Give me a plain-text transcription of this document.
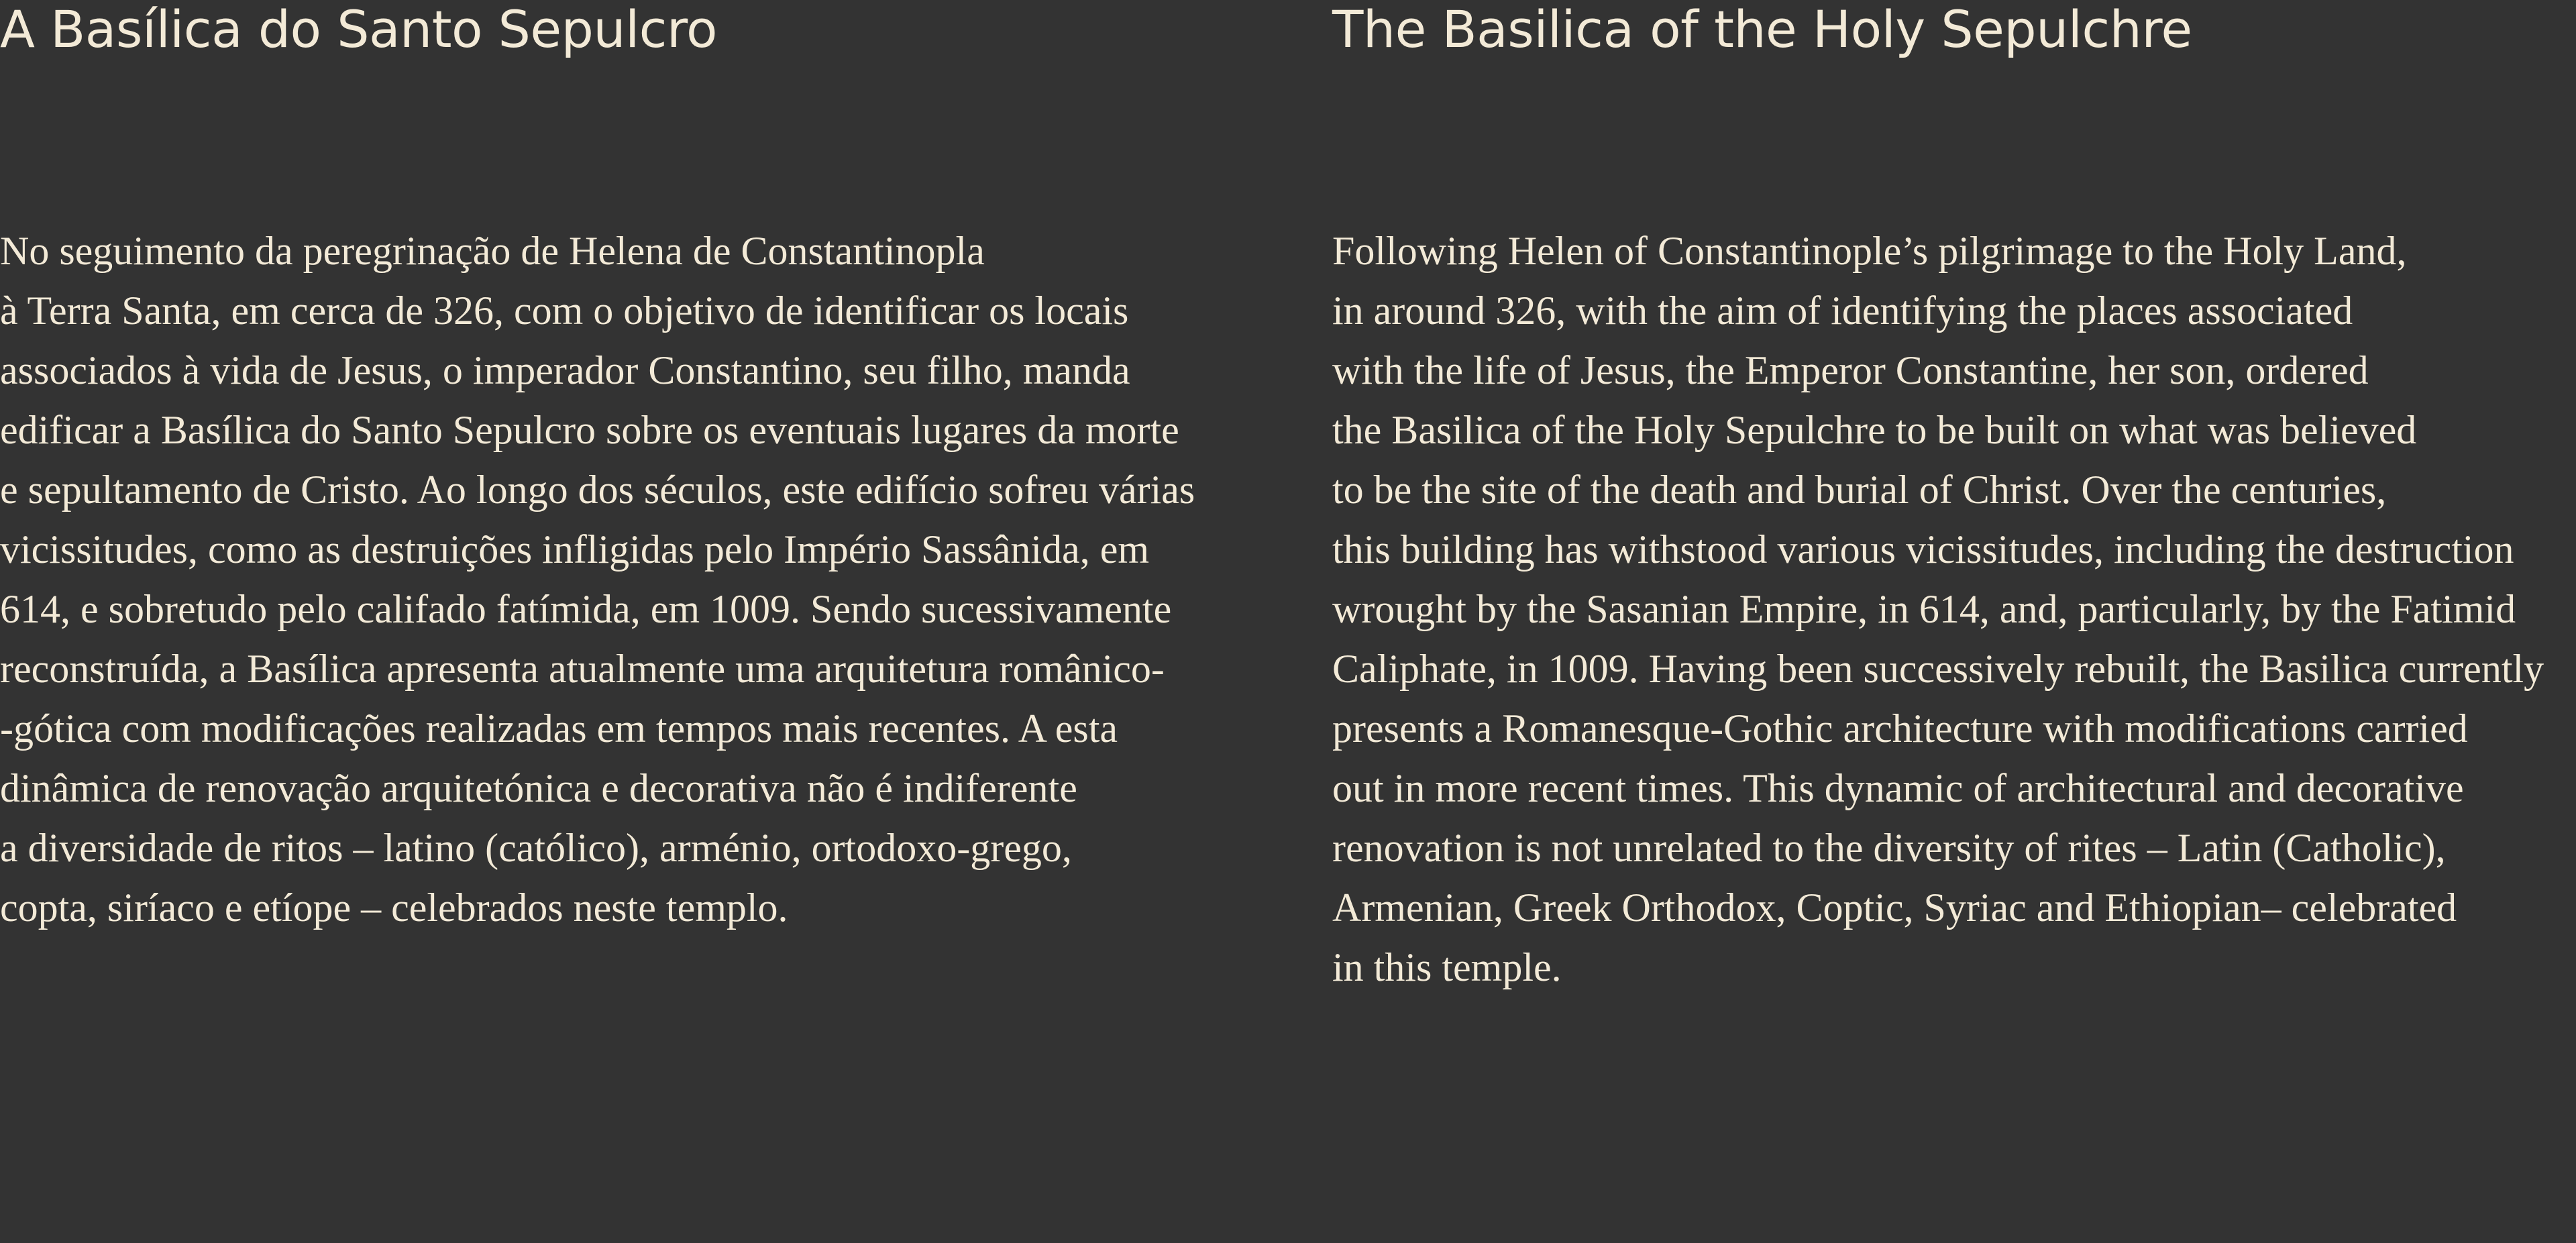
A Basílica do Santo Sepulcro

No seguimento da peregrinação de Helena de Constantinopla
à Terra Santa, em cerca de 326, com o objetivo de identificar os locais
associados à vida de Jesus, o imperador Constantino, seu filho, manda
edificar a Basílica do Santo Sepulcro sobre os eventuais lugares da morte
e sepultamento de Cristo. Ao longo dos séculos, este edifício sofreu várias
vicissitudes, como as destruições infligidas pelo Império Sassânida, em
614, e sobretudo pelo califado fatímida, em 1009. Sendo sucessivamente
reconstruída, a Basílica apresenta atualmente uma arquitetura românico-
-gótica com modificações realizadas em tempos mais recentes. A esta
dinâmica de renovação arquitetónica e decorativa não é indiferente
a diversidade de ritos – latino (católico), arménio, ortodoxo-grego,
copta, siríaco e etíope – celebrados neste templo.

The Basilica of the Holy Sepulchre

Following Helen of Constantinople’s pilgrimage to the Holy Land,
in around 326, with the aim of identifying the places associated
with the life of Jesus, the Emperor Constantine, her son, ordered
the Basilica of the Holy Sepulchre to be built on what was believed
to be the site of the death and burial of Christ. Over the centuries,
this building has withstood various vicissitudes, including the destruction
wrought by the Sasanian Empire, in 614, and, particularly, by the Fatimid
Caliphate, in 1009. Having been successively rebuilt, the Basilica currently
presents a Romanesque-Gothic architecture with modifications carried
out in more recent times. This dynamic of architectural and decorative
renovation is not unrelated to the diversity of rites – Latin (Catholic),
Armenian, Greek Orthodox, Coptic, Syriac and Ethiopian– celebrated
in this temple.
